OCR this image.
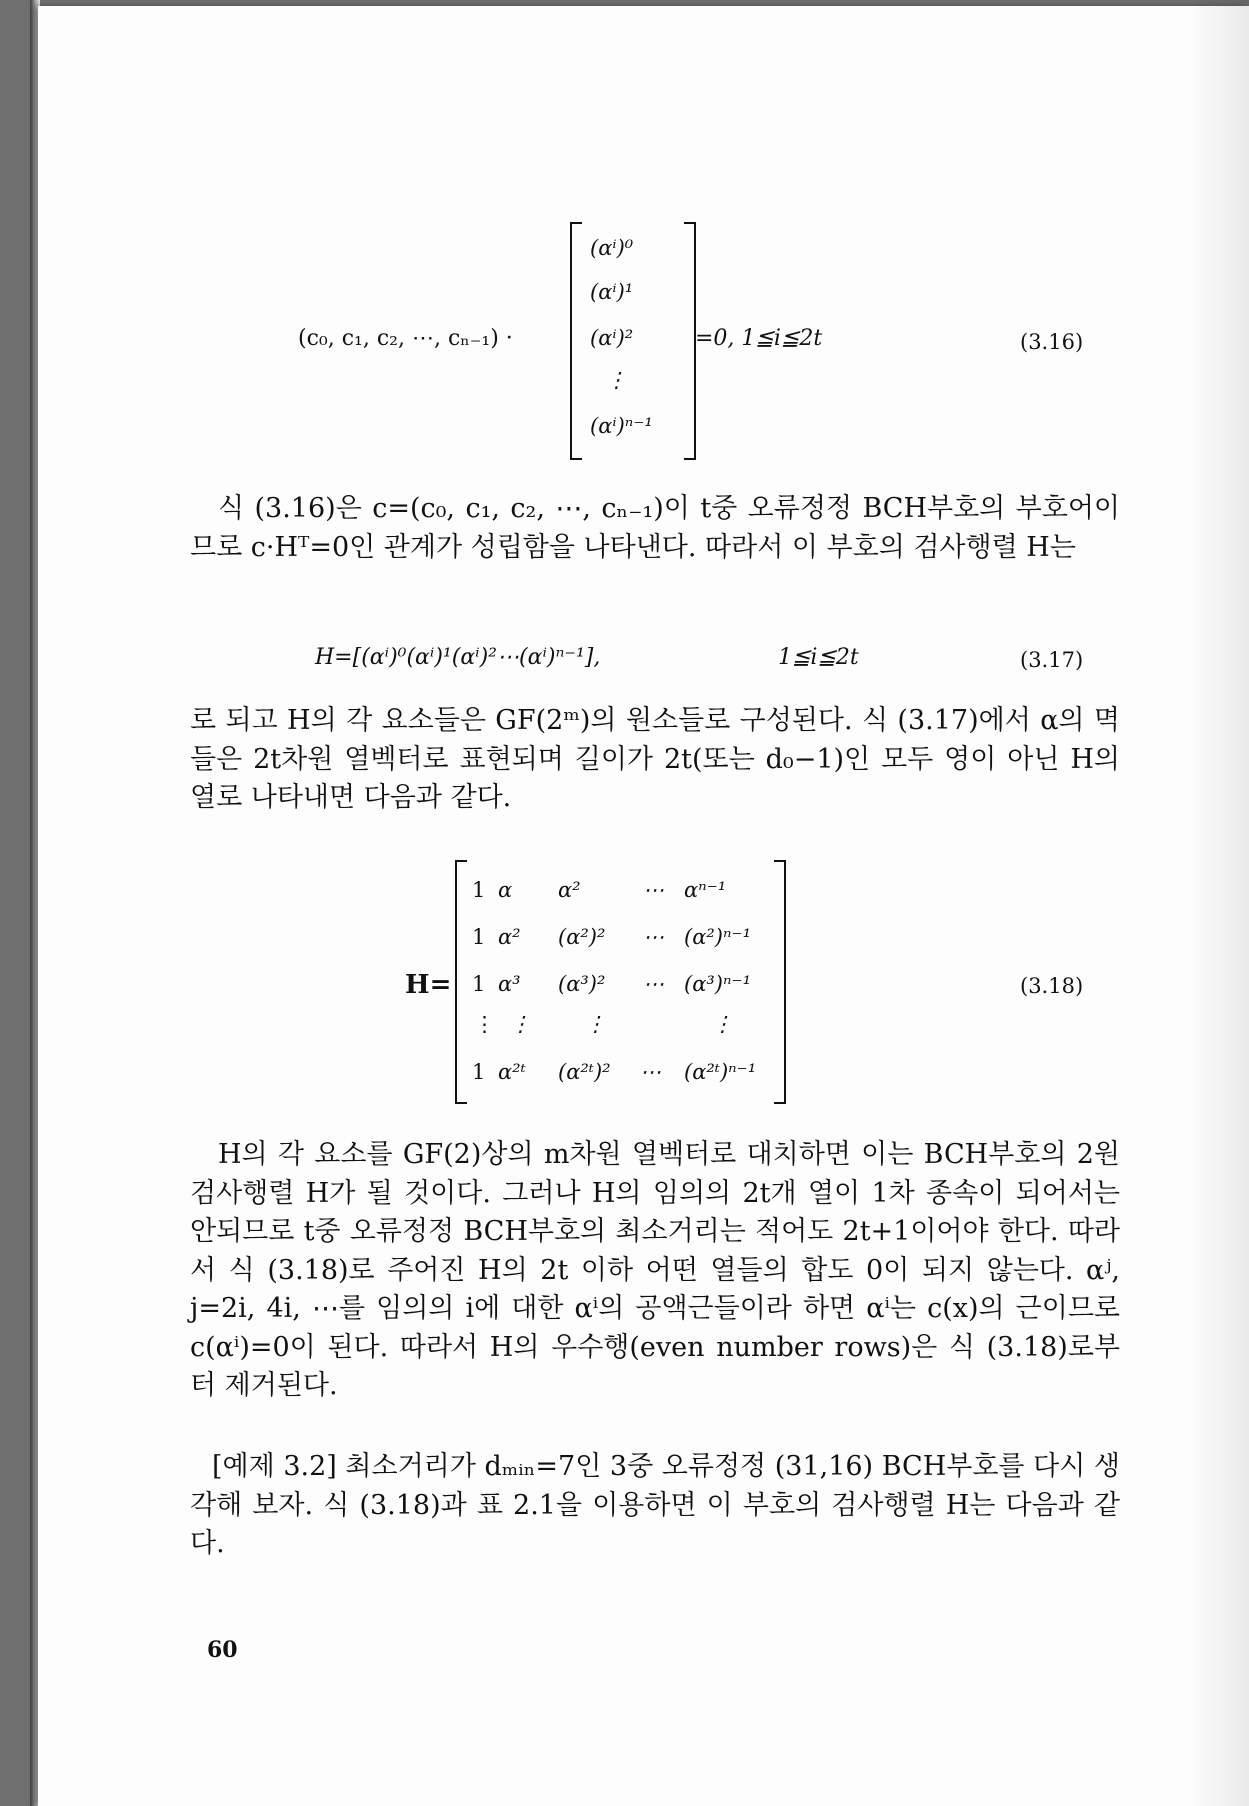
(c₀, c₁, c₂, ⋯, cₙ₋₁) ·
(αⁱ)⁰
(αⁱ)¹
(αⁱ)²
⋮
(αⁱ)ⁿ⁻¹
=0, 1≦i≦2t	(3.16)

식 (3.16)은 c=(c₀, c₁, c₂, ⋯, cₙ₋₁)이 t중 오류정정 BCH부호의 부호어이므로 c·Hᵀ=0인 관계가 성립함을 나타낸다. 따라서 이 부호의 검사행렬 H는

H=[(αⁱ)⁰(αⁱ)¹(αⁱ)²⋯(αⁱ)ⁿ⁻¹],	1≦i≦2t	(3.17)

로 되고 H의 각 요소들은 GF(2ᵐ)의 원소들로 구성된다. 식 (3.17)에서 α의 멱들은 2t차원 열벡터로 표현되며 길이가 2t(또는 d₀−1)인 모두 영이 아닌 H의 열로 나타내면 다음과 같다.

H=
1 α α²	⋯ αⁿ⁻¹
1 α² (α²)² ⋯ (α²)ⁿ⁻¹
1 α³ (α³)² ⋯ (α³)ⁿ⁻¹
⋮ ⋮	⋮	⋮
1 α²ᵗ (α²ᵗ)² ⋯ (α²ᵗ)ⁿ⁻¹
(3.18)

H의 각 요소를 GF(2)상의 m차원 열벡터로 대치하면 이는 BCH부호의 2원 검사행렬 H가 될 것이다. 그러나 H의 임의의 2t개 열이 1차 종속이 되어서는 안되므로 t중 오류정정 BCH부호의 최소거리는 적어도 2t+1이어야 한다. 따라서 식 (3.18)로 주어진 H의 2t 이하 어떤 열들의 합도 0이 되지 않는다. αʲ, j=2i, 4i, ⋯를 임의의 i에 대한 αⁱ의 공액근들이라 하면 αⁱ는 c(x)의 근이므로 c(αⁱ)=0이 된다. 따라서 H의 우수행(even number rows)은 식 (3.18)로부터 제거된다.

[예제 3.2] 최소거리가 dₘᵢₙ=7인 3중 오류정정 (31,16) BCH부호를 다시 생각해 보자. 식 (3.18)과 표 2.1을 이용하면 이 부호의 검사행렬 H는 다음과 같다.

60
